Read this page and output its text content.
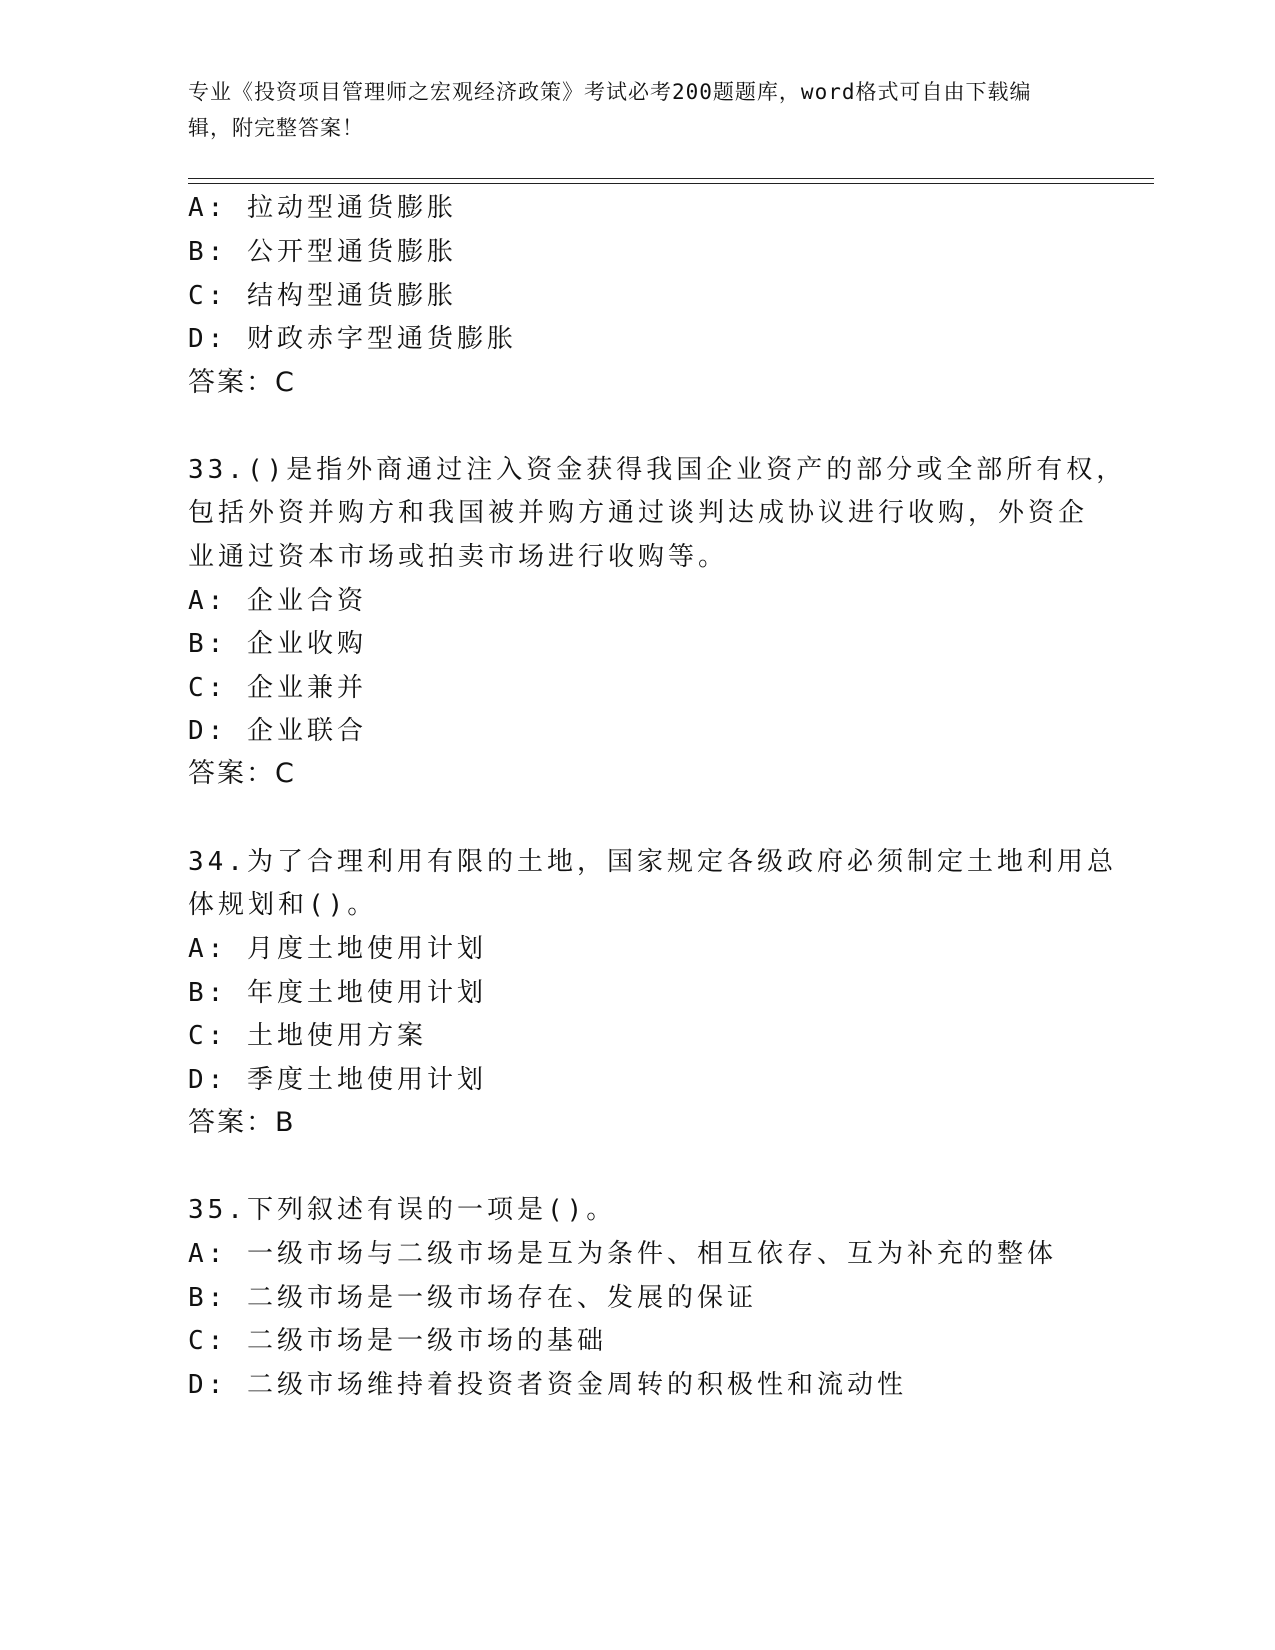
专业《投资项目管理师之宏观经济政策》考试必考200题题库，word格式可自由下载编辑，附完整答案！
A: 拉动型通货膨胀
B: 公开型通货膨胀
C: 结构型通货膨胀
D: 财政赤字型通货膨胀
答案：C
33.()是指外商通过注入资金获得我国企业资产的部分或全部所有权，
包括外资并购方和我国被并购方通过谈判达成协议进行收购，外资企
业通过资本市场或拍卖市场进行收购等。
A: 企业合资
B: 企业收购
C: 企业兼并
D: 企业联合
答案：C
34.为了合理利用有限的土地，国家规定各级政府必须制定土地利用总
体规划和()。
A: 月度土地使用计划
B: 年度土地使用计划
C: 土地使用方案
D: 季度土地使用计划
答案：B
35.下列叙述有误的一项是()。
A: 一级市场与二级市场是互为条件、相互依存、互为补充的整体
B: 二级市场是一级市场存在、发展的保证
C: 二级市场是一级市场的基础
D: 二级市场维持着投资者资金周转的积极性和流动性
